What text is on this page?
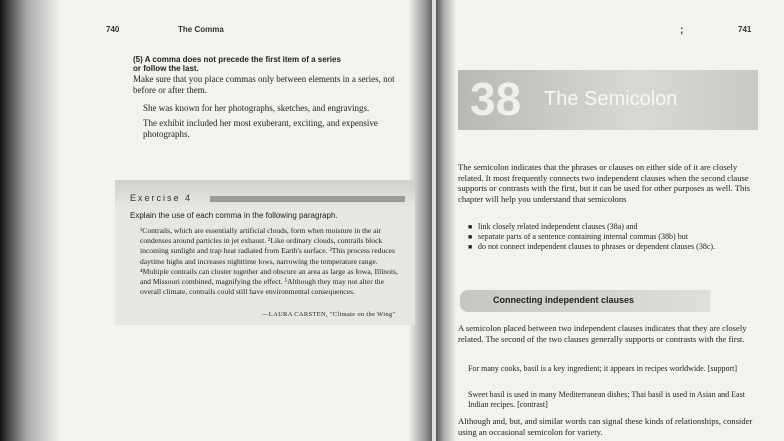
740	The Comma
(5) A comma does not precede the first item of a series
or follow the last.

Make sure that you place commas only between elements in a series, not before or after them.

She was known for her photographs, sketches, and engravings.

The exhibit included her most exuberant, exciting, and expensive photographs.

Exercise 4

Explain the use of each comma in the following paragraph.

¹Contrails, which are essentially artificial clouds, form when moisture in the air condenses around particles in jet exhaust. ²Like ordinary clouds, contrails block incoming sunlight and trap heat radiated from Earth's surface. ³This process reduces daytime highs and increases nighttime lows, narrowing the temperature range. ⁴Multiple contrails can cluster together and obscure an area as large as Iowa, Illinois, and Missouri combined, magnifying the effect. ⁵Although they may not alter the overall climate, contrails could still have environmental consequences.

—LAURA CARSTEN, "Climate on the Wing"

;	741
38 The Semicolon

The semicolon indicates that the phrases or clauses on either side of it are closely related. It most frequently connects two independent clauses when the second clause supports or contrasts with the first, but it can be used for other purposes as well. This chapter will help you understand that semicolons

■ link closely related independent clauses (38a) and
■ separate parts of a sentence containing internal commas (38b) but
■ do not connect independent clauses to phrases or dependent clauses (38c).
Connecting independent clauses

A semicolon placed between two independent clauses indicates that they are closely related. The second of the two clauses generally supports or contrasts with the first.

For many cooks, basil is a key ingredient; it appears in recipes worldwide. [support]

Sweet basil is used in many Mediterranean dishes; Thai basil is used in Asian and East Indian recipes. [contrast]

Although and, but, and similar words can signal these kinds of relationships, consider using an occasional semicolon for variety.
